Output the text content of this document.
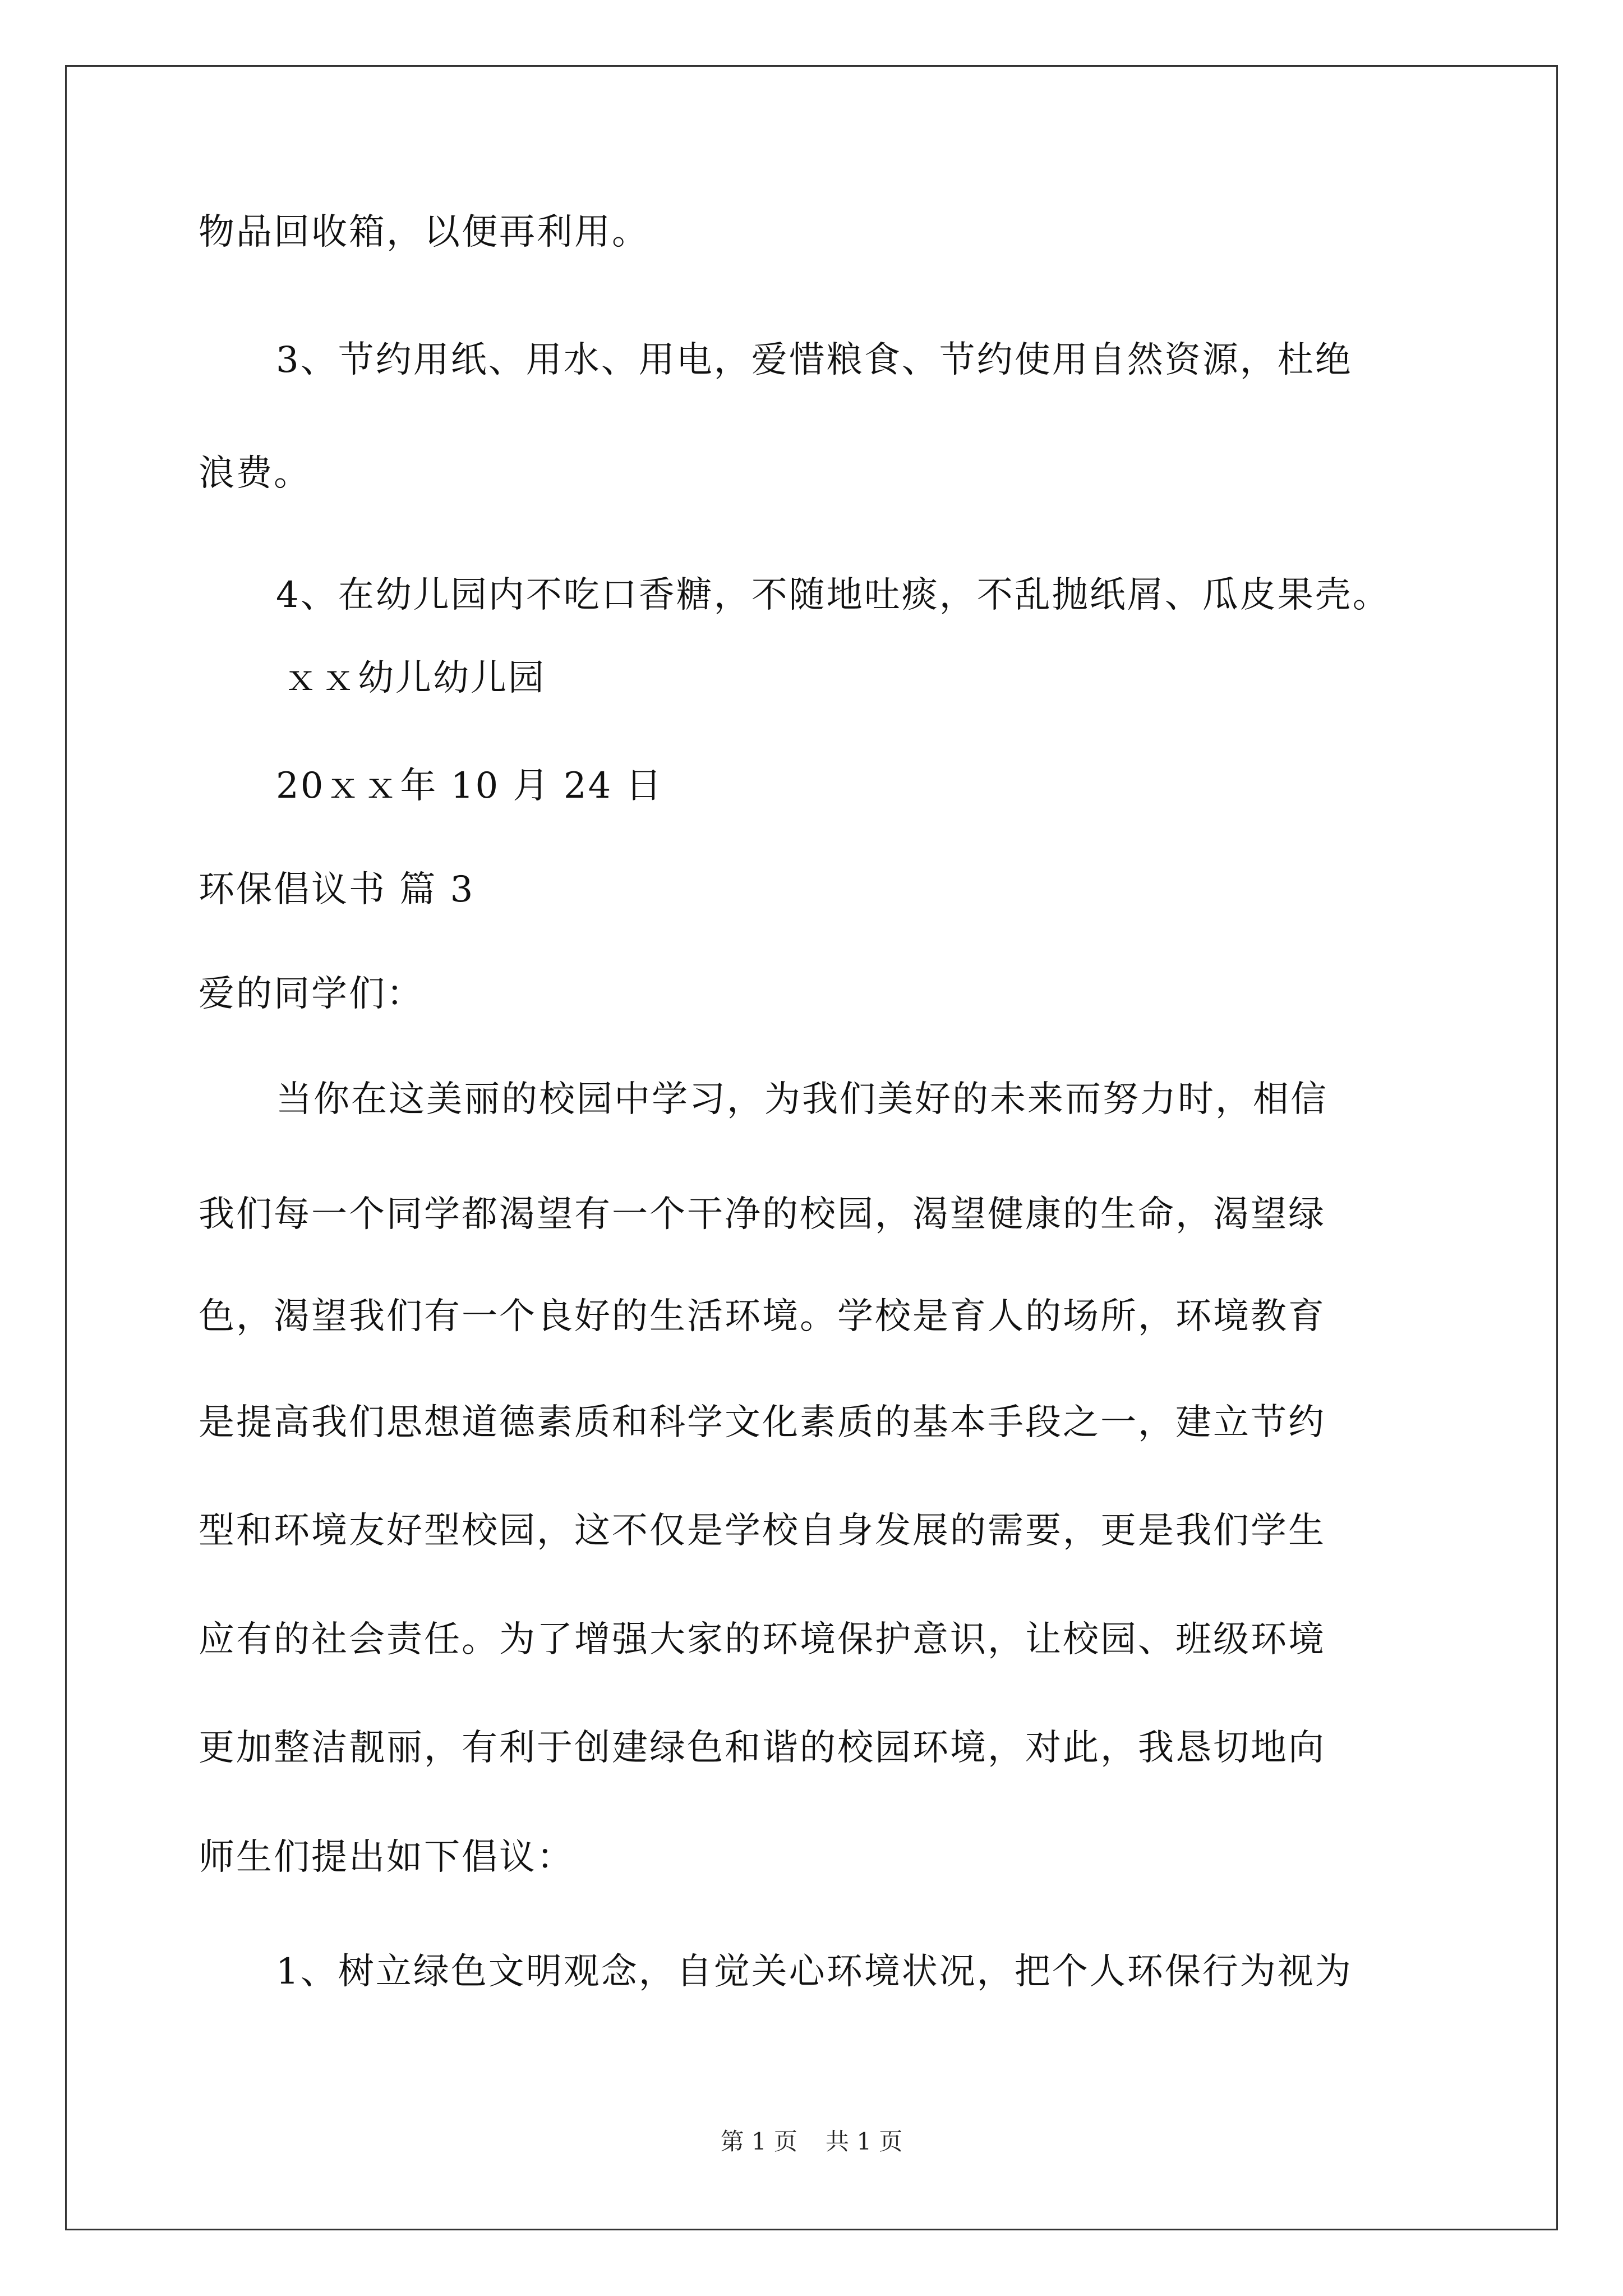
物品回收箱，以便再利用。
3、节约用纸、用水、用电，爱惜粮食、节约使用自然资源，杜绝
浪费。
4、在幼儿园内不吃口香糖，不随地吐痰，不乱抛纸屑、瓜皮果壳。
ｘｘ幼儿幼儿园
20ｘｘ年 10 月 24 日
环保倡议书 篇 3
爱的同学们：
当你在这美丽的校园中学习，为我们美好的未来而努力时，相信
我们每一个同学都渴望有一个干净的校园，渴望健康的生命，渴望绿
色，渴望我们有一个良好的生活环境。学校是育人的场所，环境教育
是提高我们思想道德素质和科学文化素质的基本手段之一，建立节约
型和环境友好型校园，这不仅是学校自身发展的需要，更是我们学生
应有的社会责任。为了增强大家的环境保护意识，让校园、班级环境
更加整洁靓丽，有利于创建绿色和谐的校园环境，对此，我恳切地向
师生们提出如下倡议：
1、树立绿色文明观念，自觉关心环境状况，把个人环保行为视为
第 1 页 共 1 页
